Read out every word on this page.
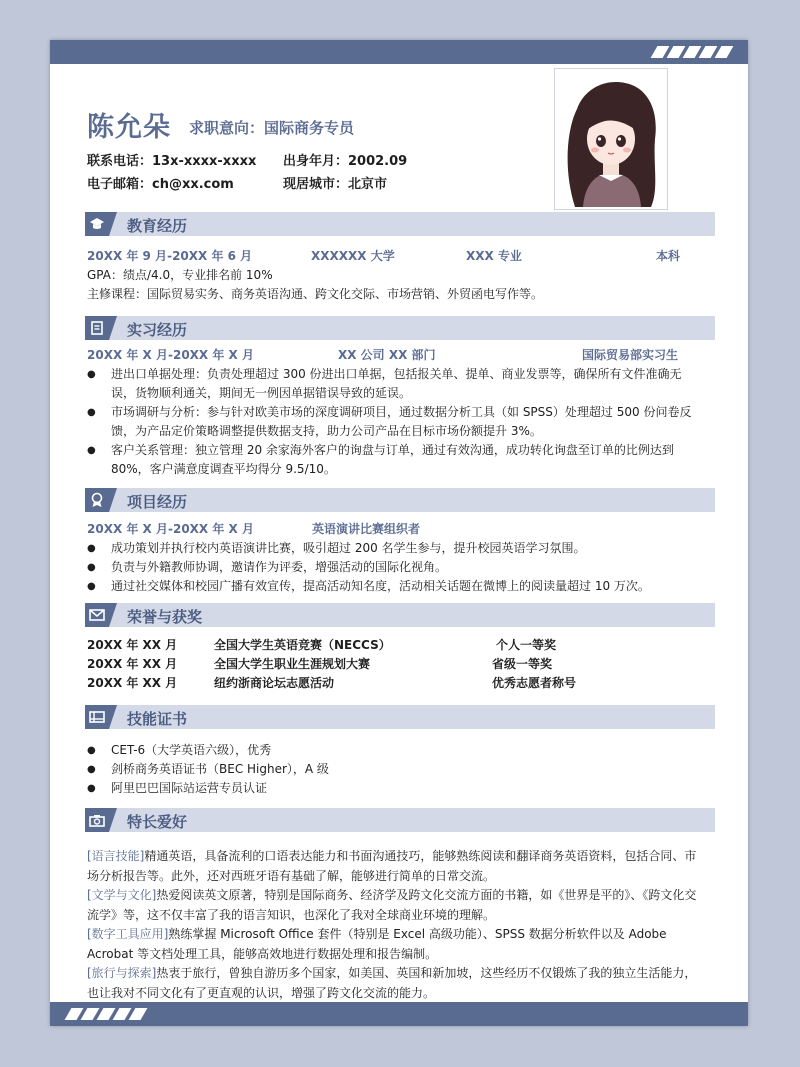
陈允朵 求职意向：国际商务专员
联系电话：13x-xxxx-xxxx 出身年月：2002.09
电子邮箱：ch@xx.com	现居城市：北京市
教育经历
20XX 年 9 月-20XX 年 6 月	XXXXXX 大学	XXX 专业	本科
GPA：绩点/4.0，专业排名前 10%
主修课程：国际贸易实务、商务英语沟通、跨文化交际、市场营销、外贸函电写作等。
实习经历
20XX 年 X 月-20XX 年 X 月	XX 公司 XX 部门	国际贸易部实习生
● 进出口单据处理：负责处理超过 300 份进出口单据，包括报关单、提单、商业发票等，确保所有文件准确无误，货物顺利通关，期间无一例因单据错误导致的延误。
● 市场调研与分析：参与针对欧美市场的深度调研项目，通过数据分析工具（如 SPSS）处理超过 500 份问卷反馈，为产品定价策略调整提供数据支持，助力公司产品在目标市场份额提升 3%。
● 客户关系管理：独立管理 20 余家海外客户的询盘与订单，通过有效沟通，成功转化询盘至订单的比例达到 80%，客户满意度调查平均得分 9.5/10。
项目经历
20XX 年 X 月-20XX 年 X 月	英语演讲比赛组织者
● 成功策划并执行校内英语演讲比赛，吸引超过 200 名学生参与，提升校园英语学习氛围。
● 负责与外籍教师协调，邀请作为评委，增强活动的国际化视角。
● 通过社交媒体和校园广播有效宣传，提高活动知名度，活动相关话题在微博上的阅读量超过 10 万次。
荣誉与获奖
20XX 年 XX 月	全国大学生英语竞赛（NECCS）	个人一等奖
20XX 年 XX 月	全国大学生职业生涯规划大赛	省级一等奖
20XX 年 XX 月	纽约浙商论坛志愿活动	优秀志愿者称号
技能证书
● CET-6（大学英语六级），优秀
● 剑桥商务英语证书（BEC Higher），A 级
● 阿里巴巴国际站运营专员认证
特长爱好
[语言技能]精通英语，具备流利的口语表达能力和书面沟通技巧，能够熟练阅读和翻译商务英语资料，包括合同、市场分析报告等。此外，还对西班牙语有基础了解，能够进行简单的日常交流。
[文学与文化]热爱阅读英文原著，特别是国际商务、经济学及跨文化交流方面的书籍，如《世界是平的》、《跨文化交流学》等，这不仅丰富了我的语言知识，也深化了我对全球商业环境的理解。
[数字工具应用]熟练掌握 Microsoft Office 套件（特别是 Excel 高级功能）、SPSS 数据分析软件以及 Adobe Acrobat 等文档处理工具，能够高效地进行数据处理和报告编制。
[旅行与探索]热衷于旅行，曾独自游历多个国家，如美国、英国和新加坡，这些经历不仅锻炼了我的独立生活能力，也让我对不同文化有了更直观的认识，增强了跨文化交流的能力。
